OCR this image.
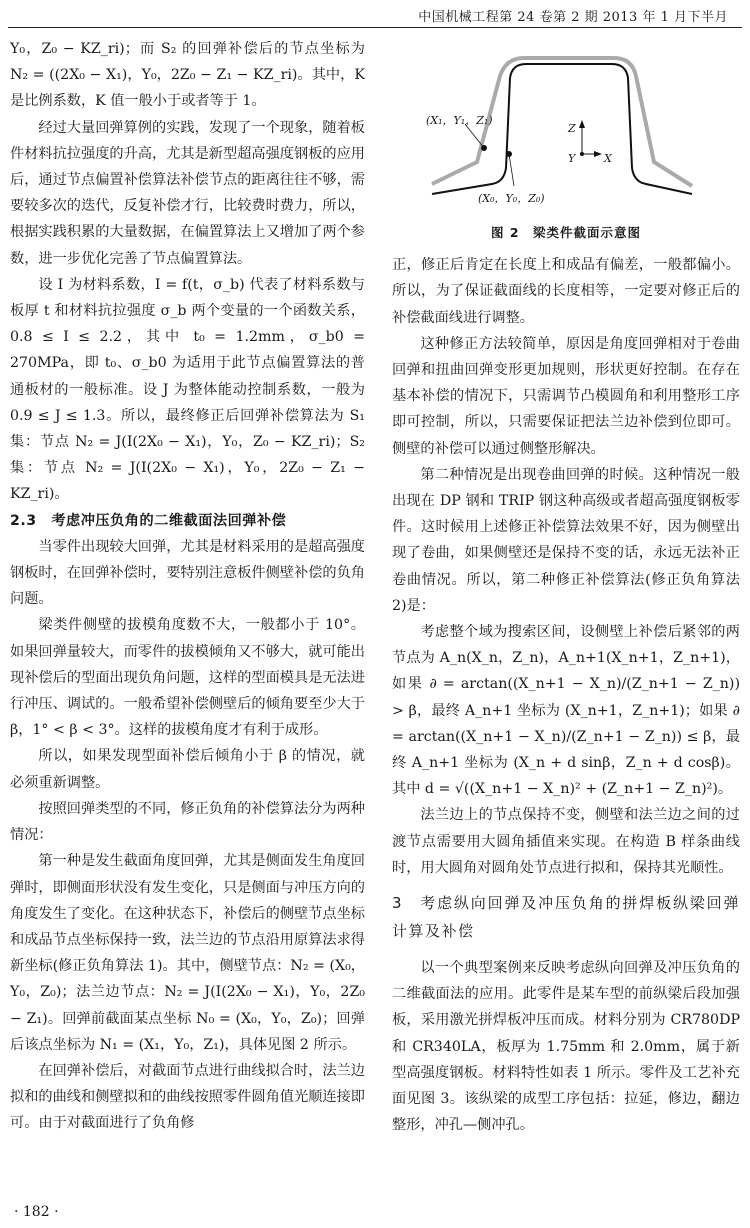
中国机械工程第 24 卷第 2 期 2013 年 1 月下半月

Y₀，Z₀ − KZ_ri)；而 S₂ 的回弹补偿后的节点坐标为 N₂ = ((2X₀ − X₁)，Y₀，2Z₀ − Z₁ − KZ_ri)。其中，K 是比例系数，K 值一般小于或者等于 1。

经过大量回弹算例的实践，发现了一个现象，随着板件材料抗拉强度的升高，尤其是新型超高强度钢板的应用后，通过节点偏置补偿算法补偿节点的距离往往不够，需要较多次的迭代，反复补偿才行，比较费时费力，所以，根据实践积累的大量数据，在偏置算法上又增加了两个参数，进一步优化完善了节点偏置算法。

设 I 为材料系数，I = f(t，σ_b) 代表了材料系数与板厚 t 和材料抗拉强度 σ_b 两个变量的一个函数关系，0.8 ≤ I ≤ 2.2，其中 t₀ = 1.2mm，σ_b0 = 270MPa，即 t₀、σ_b0 为适用于此节点偏置算法的普通板材的一般标准。设 J 为整体能动控制系数，一般为 0.9 ≤ J ≤ 1.3。所以，最终修正后回弹补偿算法为 S₁ 集：节点 N₂ = J(I(2X₀ − X₁)，Y₀，Z₀ − KZ_ri)；S₂ 集：节点 N₂ = J(I(2X₀ − X₁)，Y₀，2Z₀ − Z₁ − KZ_ri)。

2.3　考虑冲压负角的二维截面法回弹补偿

当零件出现较大回弹，尤其是材料采用的是超高强度钢板时，在回弹补偿时，要特别注意板件侧壁补偿的负角问题。

梁类件侧壁的拔模角度数不大，一般都小于 10°。如果回弹量较大，而零件的拔模倾角又不够大，就可能出现补偿后的型面出现负角问题，这样的型面模具是无法进行冲压、调试的。一般希望补偿侧壁后的倾角要至少大于 β，1° < β < 3°。这样的拔模角度才有利于成形。

所以，如果发现型面补偿后倾角小于 β 的情况，就必须重新调整。

按照回弹类型的不同，修正负角的补偿算法分为两种情况：

第一种是发生截面角度回弹，尤其是侧面发生角度回弹时，即侧面形状没有发生变化，只是侧面与冲压方向的角度发生了变化。在这种状态下，补偿后的侧壁节点坐标和成品节点坐标保持一致，法兰边的节点沿用原算法求得新坐标(修正负角算法 1)。其中，侧壁节点：N₂ = (X₀，Y₀，Z₀)；法兰边节点：N₂ = J(I(2X₀ − X₁)，Y₀，2Z₀ − Z₁)。回弹前截面某点坐标 N₀ = (X₀，Y₀，Z₀)；回弹后该点坐标为 N₁ = (X₁，Y₀，Z₁)，具体见图 2 所示。

在回弹补偿后，对截面节点进行曲线拟合时，法兰边拟和的曲线和侧壁拟和的曲线按照零件圆角值光顺连接即可。由于对截面进行了负角修

(X₁，Y₁，Z₁)
(X₀，Y₀，Z₀)
Z
X
Y
图 2　梁类件截面示意图

正，修正后肯定在长度上和成品有偏差，一般都偏小。所以，为了保证截面线的长度相等，一定要对修正后的补偿截面线进行调整。

这种修正方法较简单，原因是角度回弹相对于卷曲回弹和扭曲回弹变形更加规则，形状更好控制。在存在基本补偿的情况下，只需调节凸模圆角和利用整形工序即可控制，所以，只需要保证把法兰边补偿到位即可。侧壁的补偿可以通过侧整形解决。

第二种情况是出现卷曲回弹的时候。这种情况一般出现在 DP 钢和 TRIP 钢这种高级或者超高强度钢板零件。这时候用上述修正补偿算法效果不好，因为侧壁出现了卷曲，如果侧壁还是保持不变的话，永远无法补正卷曲情况。所以，第二种修正补偿算法(修正负角算法 2)是：

考虑整个域为搜索区间，设侧壁上补偿后紧邻的两节点为 A_n(X_n，Z_n)，A_n+1(X_n+1，Z_n+1)，如果 ∂ = arctan((X_n+1 − X_n)/(Z_n+1 − Z_n)) > β，最终 A_n+1 坐标为 (X_n+1，Z_n+1)；如果 ∂ = arctan((X_n+1 − X_n)/(Z_n+1 − Z_n)) ≤ β，最终 A_n+1 坐标为 (X_n + d sinβ，Z_n + d cosβ)。其中 d = √((X_n+1 − X_n)² + (Z_n+1 − Z_n)²)。

法兰边上的节点保持不变，侧壁和法兰边之间的过渡节点需要用大圆角插值来实现。在构造 B 样条曲线时，用大圆角对圆角处节点进行拟和，保持其光顺性。

3　考虑纵向回弹及冲压负角的拼焊板纵梁回弹计算及补偿

以一个典型案例来反映考虑纵向回弹及冲压负角的二维截面法的应用。此零件是某车型的前纵梁后段加强板，采用激光拼焊板冲压而成。材料分别为 CR780DP 和 CR340LA，板厚为 1.75mm 和 2.0mm，属于新型高强度钢板。材料特性如表 1 所示。零件及工艺补充面见图 3。该纵梁的成型工序包括：拉延，修边，翻边整形，冲孔—侧冲孔。

· 182 ·
